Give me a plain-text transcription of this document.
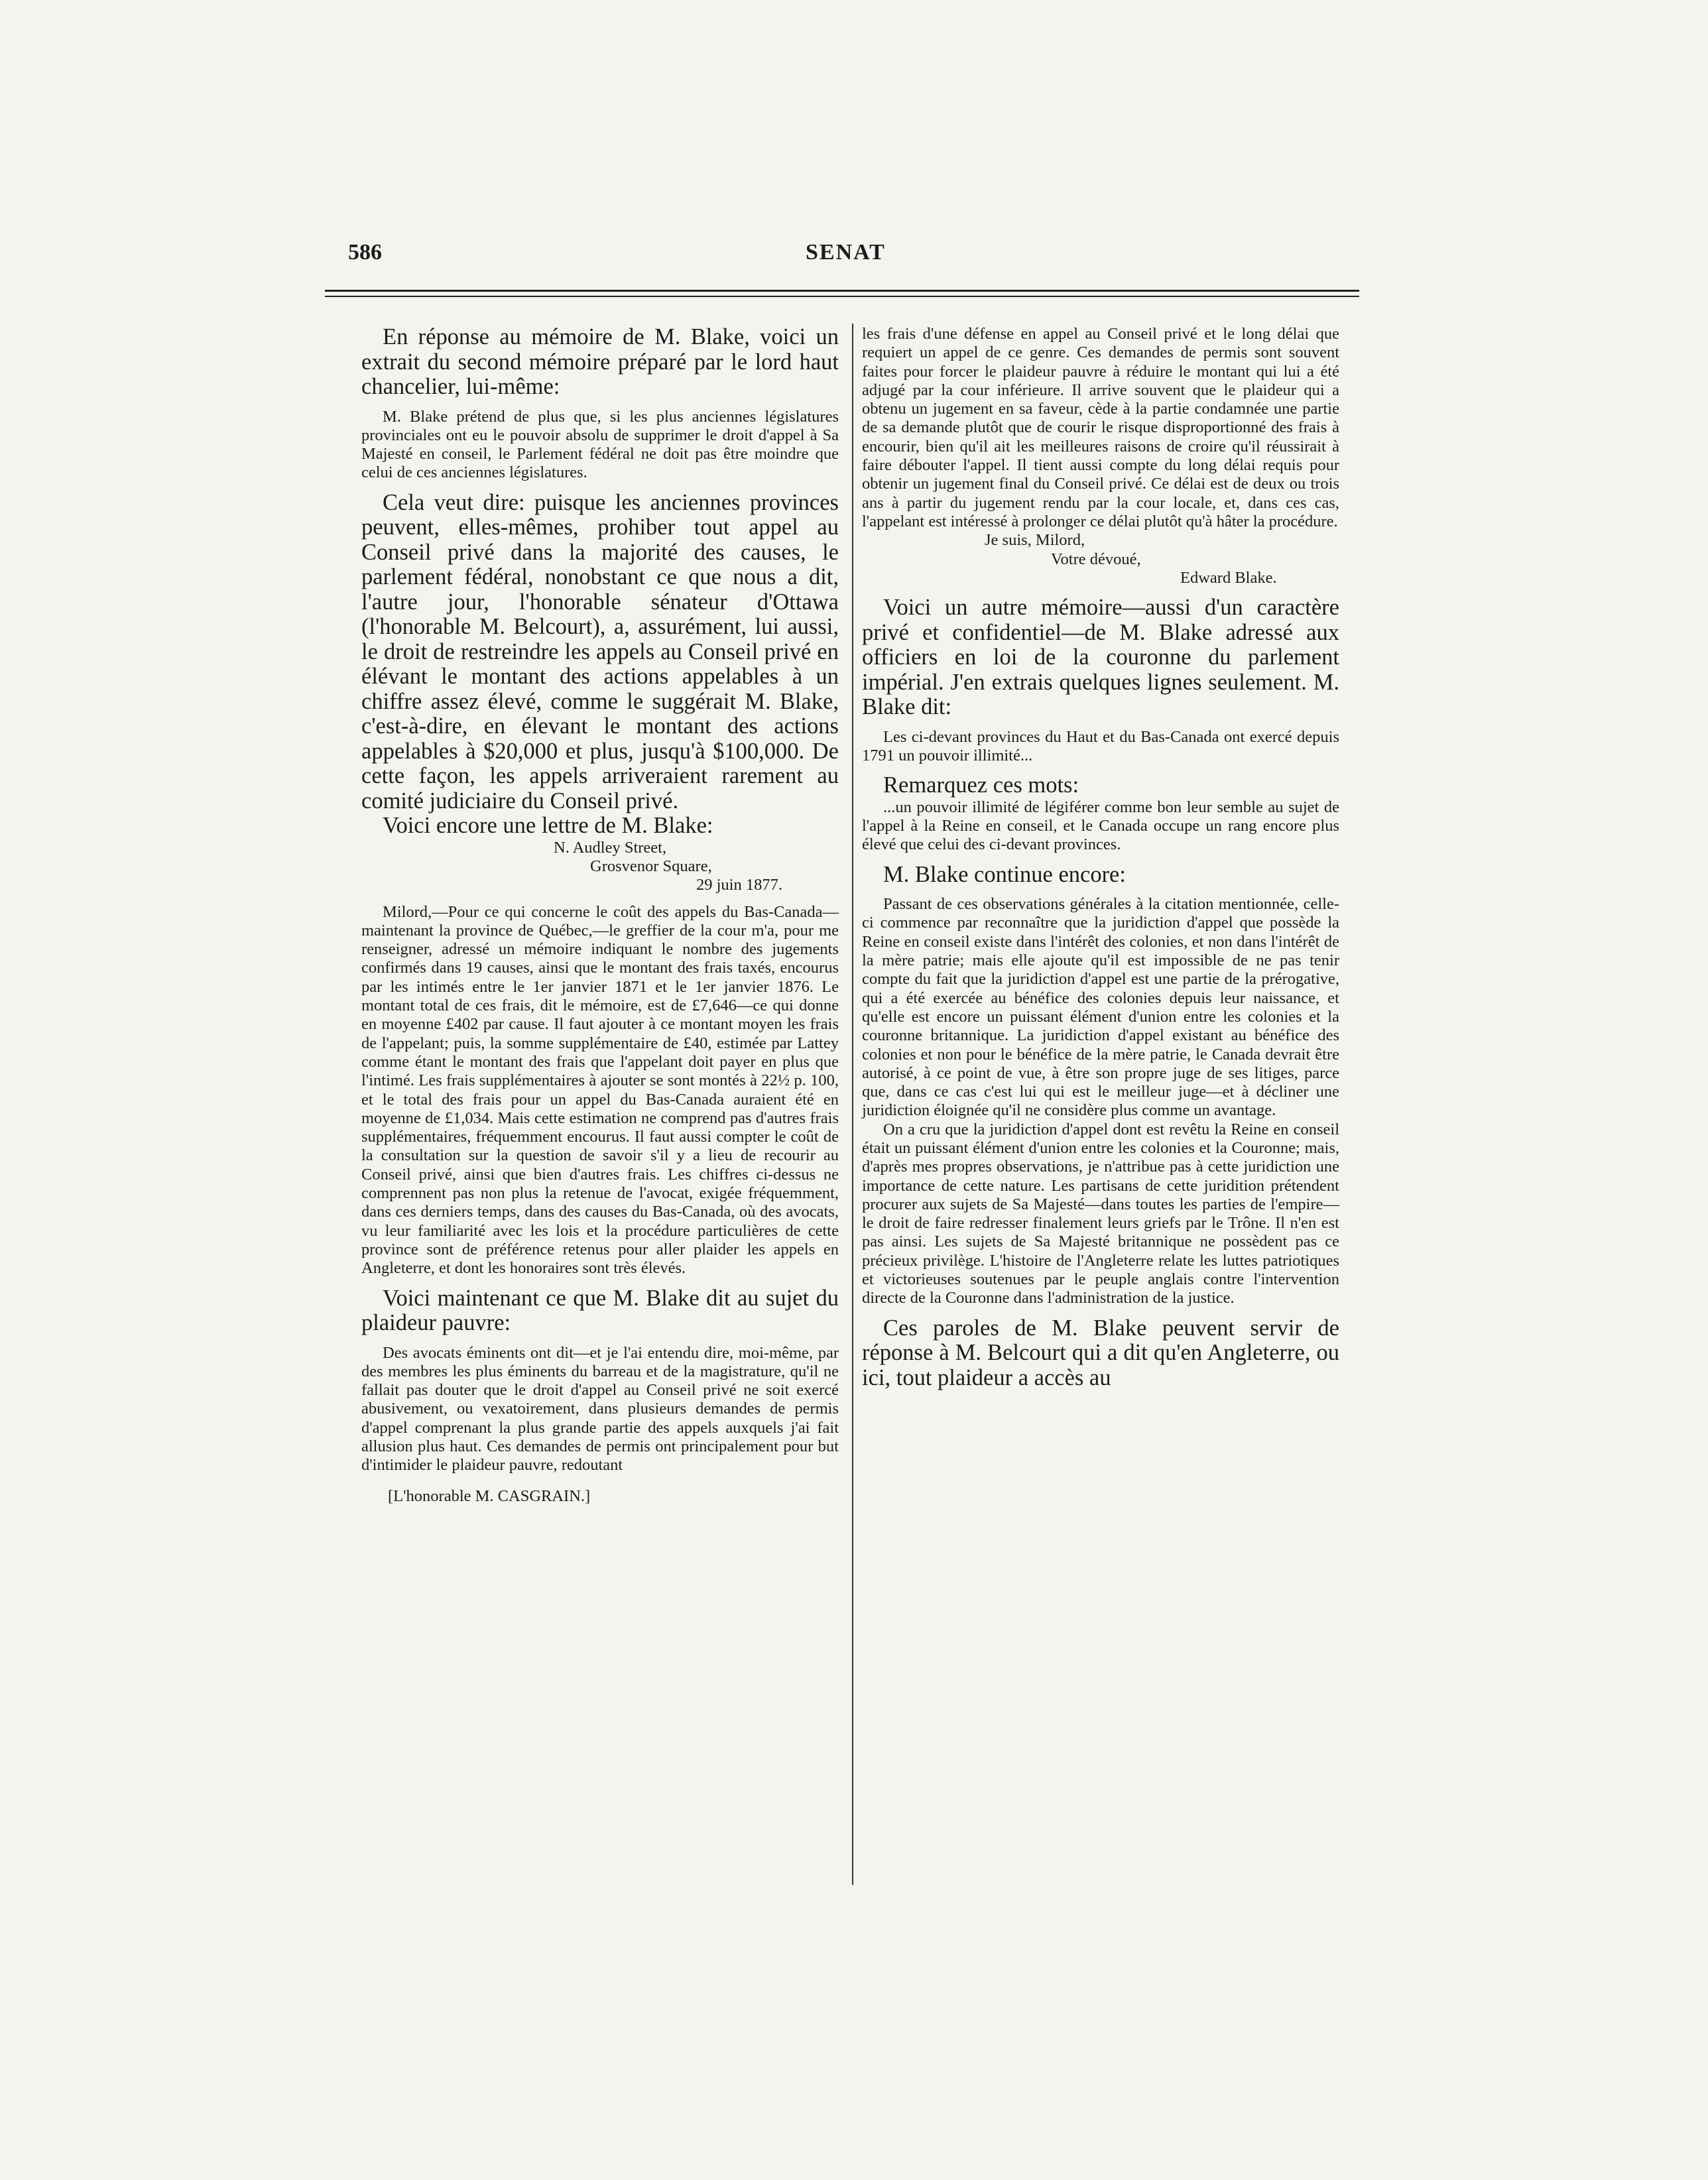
586	SENAT

En réponse au mémoire de M. Blake, voici un extrait du second mémoire préparé par le lord haut chancelier, lui-même:

M. Blake prétend de plus que, si les plus anciennes législatures provinciales ont eu le pouvoir absolu de supprimer le droit d'appel à Sa Majesté en conseil, le Parlement fédéral ne doit pas être moindre que celui de ces anciennes législatures.

Cela veut dire: puisque les anciennes provinces peuvent, elles-mêmes, prohiber tout appel au Conseil privé dans la majorité des causes, le parlement fédéral, nonobstant ce que nous a dit, l'autre jour, l'honorable sénateur d'Ottawa (l'honorable M. Belcourt), a, assurément, lui aussi, le droit de restreindre les appels au Conseil privé en élévant le montant des actions appelables à un chiffre assez élevé, comme le suggérait M. Blake, c'est-à-dire, en élevant le montant des actions appelables à $20,000 et plus, jusqu'à $100,000. De cette façon, les appels arriveraient rarement au comité judiciaire du Conseil privé.

Voici encore une lettre de M. Blake:

N. Audley Street,

Grosvenor Square,

29 juin 1877.

Milord,—Pour ce qui concerne le coût des appels du Bas-Canada—maintenant la province de Québec,—le greffier de la cour m'a, pour me renseigner, adressé un mémoire indiquant le nombre des jugements confirmés dans 19 causes, ainsi que le montant des frais taxés, encourus par les intimés entre le 1er janvier 1871 et le 1er janvier 1876. Le montant total de ces frais, dit le mémoire, est de £7,646—ce qui donne en moyenne £402 par cause. Il faut ajouter à ce montant moyen les frais de l'appelant; puis, la somme supplémentaire de £40, estimée par Lattey comme étant le montant des frais que l'appelant doit payer en plus que l'intimé. Les frais supplémentaires à ajouter se sont montés à 22½ p. 100, et le total des frais pour un appel du Bas-Canada auraient été en moyenne de £1,034. Mais cette estimation ne comprend pas d'autres frais supplémentaires, fréquemment encourus. Il faut aussi compter le coût de la consultation sur la question de savoir s'il y a lieu de recourir au Conseil privé, ainsi que bien d'autres frais. Les chiffres ci-dessus ne comprennent pas non plus la retenue de l'avocat, exigée fréquemment, dans ces derniers temps, dans des causes du Bas-Canada, où des avocats, vu leur familiarité avec les lois et la procédure particulières de cette province sont de préférence retenus pour aller plaider les appels en Angleterre, et dont les honoraires sont très élevés.

Voici maintenant ce que M. Blake dit au sujet du plaideur pauvre:

Des avocats éminents ont dit—et je l'ai entendu dire, moi-même, par des membres les plus éminents du barreau et de la magistrature, qu'il ne fallait pas douter que le droit d'appel au Conseil privé ne soit exercé abusivement, ou vexatoirement, dans plusieurs demandes de permis d'appel comprenant la plus grande partie des appels auxquels j'ai fait allusion plus haut. Ces demandes de permis ont principalement pour but d'intimider le plaideur pauvre, redoutant

[L'honorable M. CASGRAIN.]

les frais d'une défense en appel au Conseil privé et le long délai que requiert un appel de ce genre. Ces demandes de permis sont souvent faites pour forcer le plaideur pauvre à réduire le montant qui lui a été adjugé par la cour inférieure. Il arrive souvent que le plaideur qui a obtenu un jugement en sa faveur, cède à la partie condamnée une partie de sa demande plutôt que de courir le risque disproportionné des frais à encourir, bien qu'il ait les meilleures raisons de croire qu'il réussirait à faire débouter l'appel. Il tient aussi compte du long délai requis pour obtenir un jugement final du Conseil privé. Ce délai est de deux ou trois ans à partir du jugement rendu par la cour locale, et, dans ces cas, l'appelant est intéressé à prolonger ce délai plutôt qu'à hâter la procédure.

Je suis, Milord,

Votre dévoué,

Edward Blake.

Voici un autre mémoire—aussi d'un caractère privé et confidentiel—de M. Blake adressé aux officiers en loi de la couronne du parlement impérial. J'en extrais quelques lignes seulement. M. Blake dit:

Les ci-devant provinces du Haut et du Bas-Canada ont exercé depuis 1791 un pouvoir illimité...

Remarquez ces mots:

...un pouvoir illimité de légiférer comme bon leur semble au sujet de l'appel à la Reine en conseil, et le Canada occupe un rang encore plus élevé que celui des ci-devant provinces.

M. Blake continue encore:

Passant de ces observations générales à la citation mentionnée, celle-ci commence par reconnaître que la juridiction d'appel que possède la Reine en conseil existe dans l'intérêt des colonies, et non dans l'intérêt de la mère patrie; mais elle ajoute qu'il est impossible de ne pas tenir compte du fait que la juridiction d'appel est une partie de la prérogative, qui a été exercée au bénéfice des colonies depuis leur naissance, et qu'elle est encore un puissant élément d'union entre les colonies et la couronne britannique. La juridiction d'appel existant au bénéfice des colonies et non pour le bénéfice de la mère patrie, le Canada devrait être autorisé, à ce point de vue, à être son propre juge de ses litiges, parce que, dans ce cas c'est lui qui est le meilleur juge—et à décliner une juridiction éloignée qu'il ne considère plus comme un avantage.

On a cru que la juridiction d'appel dont est revêtu la Reine en conseil était un puissant élément d'union entre les colonies et la Couronne; mais, d'après mes propres observations, je n'attribue pas à cette juridiction une importance de cette nature. Les partisans de cette juridition prétendent procurer aux sujets de Sa Majesté—dans toutes les parties de l'empire—le droit de faire redresser finalement leurs griefs par le Trône. Il n'en est pas ainsi. Les sujets de Sa Majesté britannique ne possèdent pas ce précieux privilège. L'histoire de l'Angleterre relate les luttes patriotiques et victorieuses soutenues par le peuple anglais contre l'intervention directe de la Couronne dans l'administration de la justice.

Ces paroles de M. Blake peuvent servir de réponse à M. Belcourt qui a dit qu'en Angleterre, ou ici, tout plaideur a accès au
